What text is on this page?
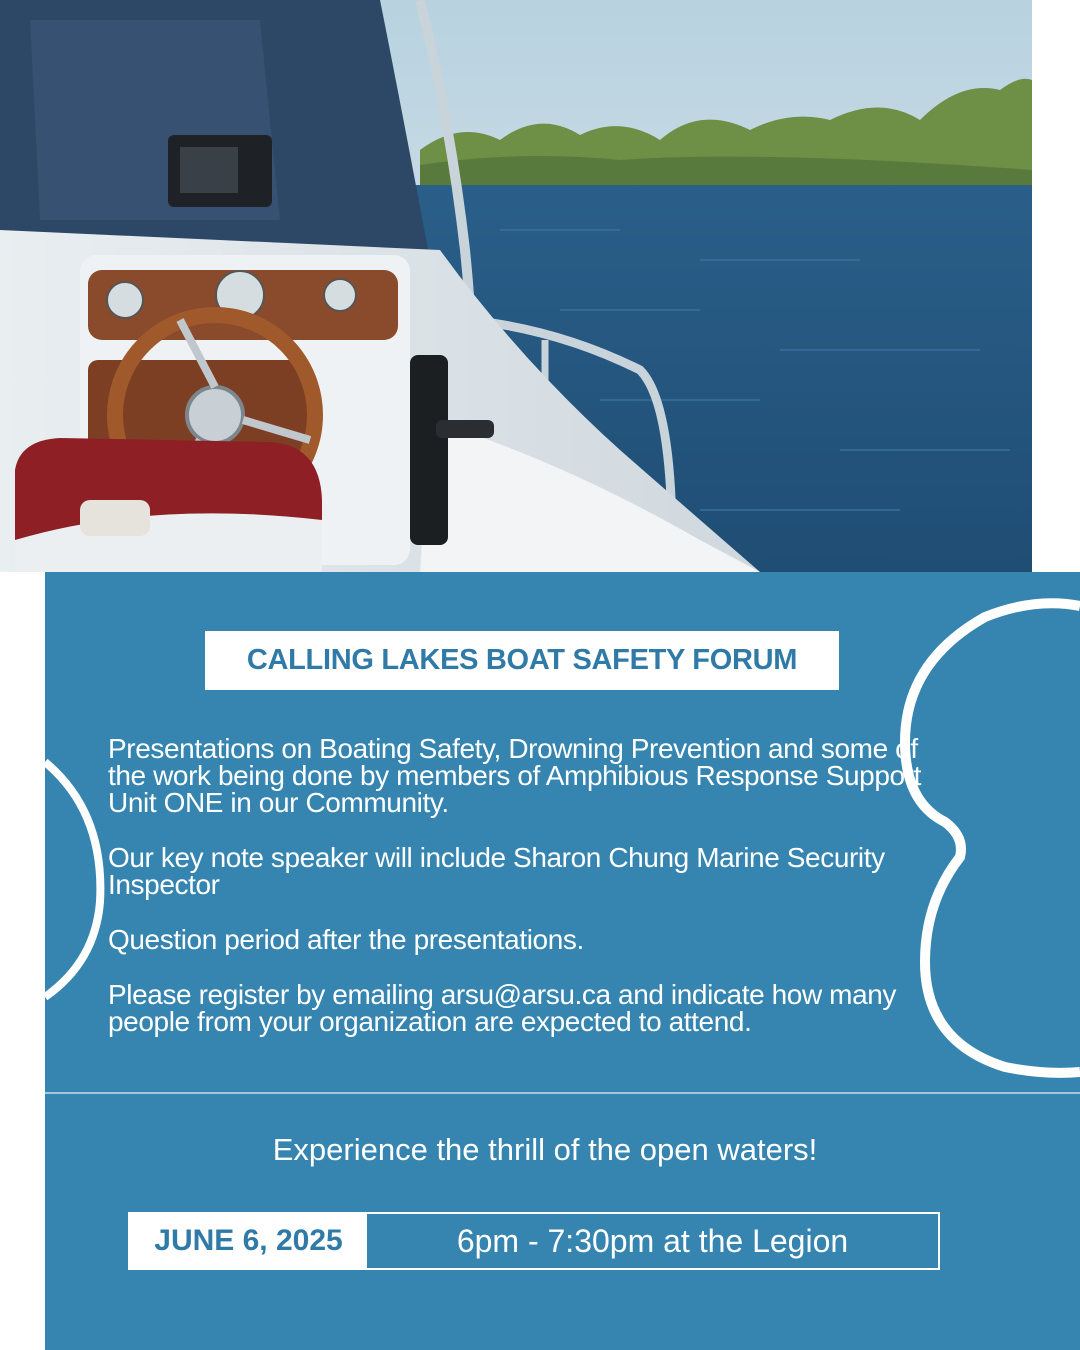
CALLING LAKES BOAT SAFETY FORUM

Presentations on Boating Safety, Drowning Prevention and some of the work being done by members of Amphibious Response Support Unit ONE in our Community.

Our key note speaker will include Sharon Chung Marine Security Inspector

Question period after the presentations.

Please register by emailing arsu@arsu.ca and indicate how many people from your organization are expected to attend.

Experience the thrill of the open waters!
JUNE 6, 2025	6pm - 7:30pm at the Legion
